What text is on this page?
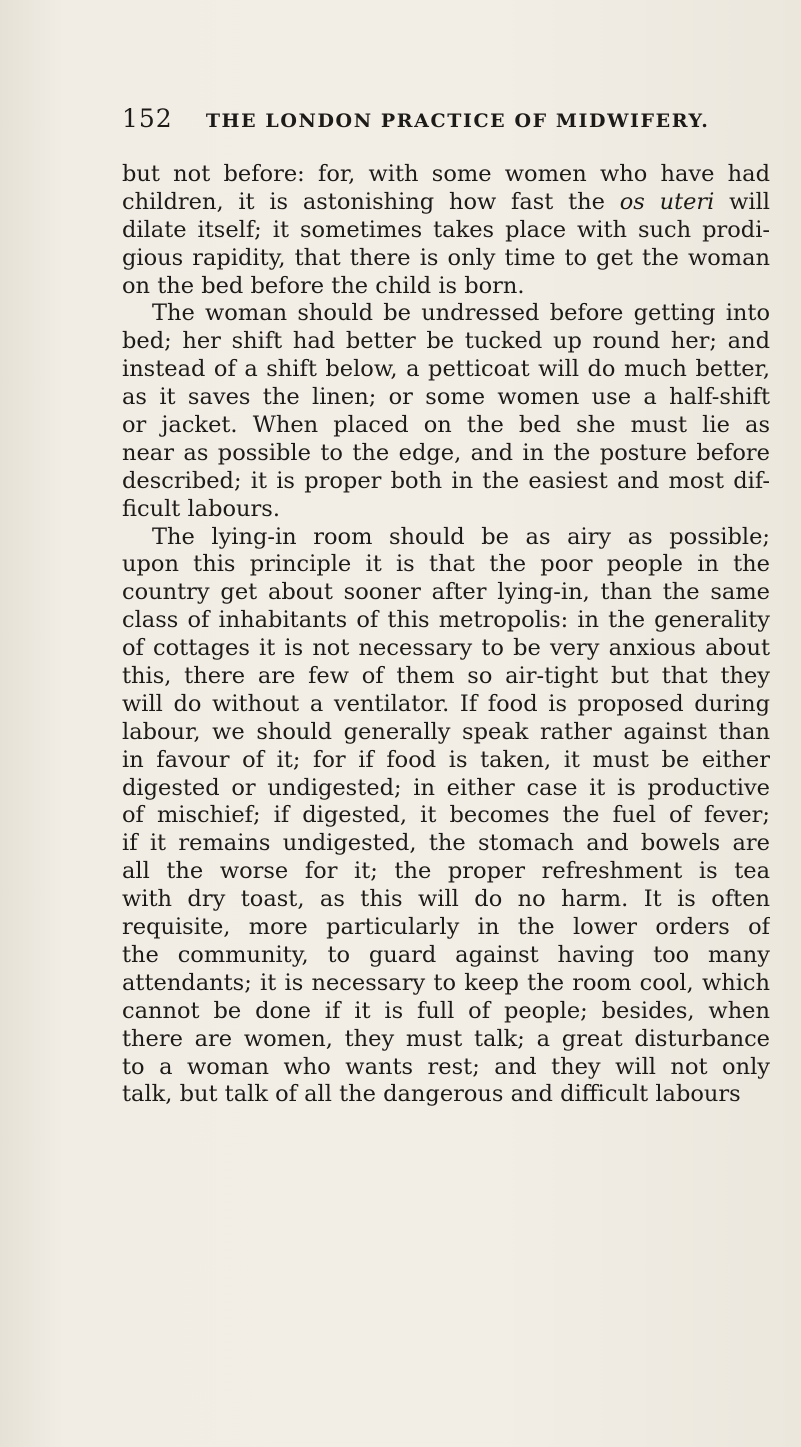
152 THE LONDON PRACTICE OF MIDWIFERY.
but not before: for, with some women who have had
children, it is astonishing how fast the os uteri will
dilate itself; it sometimes takes place with such prodi-
gious rapidity, that there is only time to get the woman
on the bed before the child is born.
The woman should be undressed before getting into
bed; her shift had better be tucked up round her; and
instead of a shift below, a petticoat will do much better,
as it saves the linen; or some women use a half-shift
or jacket. When placed on the bed she must lie as
near as possible to the edge, and in the posture before
described; it is proper both in the easiest and most dif-
ficult labours.
The lying-in room should be as airy as possible;
upon this principle it is that the poor people in the
country get about sooner after lying-in, than the same
class of inhabitants of this metropolis: in the generality
of cottages it is not necessary to be very anxious about
this, there are few of them so air-tight but that they
will do without a ventilator. If food is proposed during
labour, we should generally speak rather against than
in favour of it; for if food is taken, it must be either
digested or undigested; in either case it is productive
of mischief; if digested, it becomes the fuel of fever;
if it remains undigested, the stomach and bowels are
all the worse for it; the proper refreshment is tea
with dry toast, as this will do no harm. It is often
requisite, more particularly in the lower orders of
the community, to guard against having too many
attendants; it is necessary to keep the room cool, which
cannot be done if it is full of people; besides, when
there are women, they must talk; a great disturbance
to a woman who wants rest; and they will not only
talk, but talk of all the dangerous and difficult labours
